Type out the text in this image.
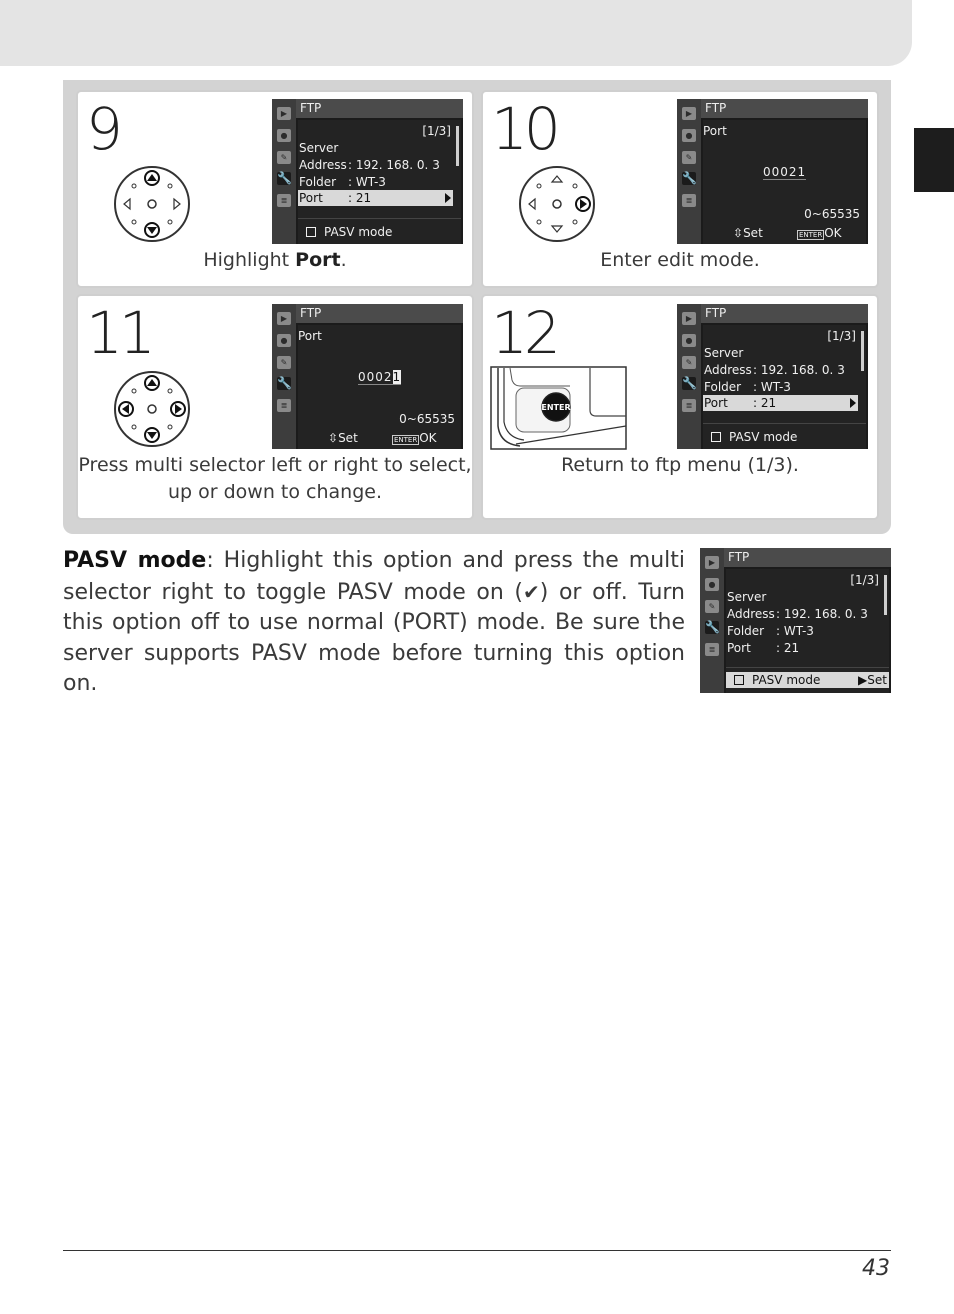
9	▶
●
✎
🔧
≣
FTP
[1/3]
Server
Address : 192. 168. 0. 3
Folder : WT-3
Port : 21
PASV mode
Highlight Port.
10	▶
●
✎
🔧
≣
FTP
Port
00021
0~65535
⇳Set	ENTER OK
Enter edit mode.
11	▶
●
✎
🔧
≣
FTP
Port
00021
0~65535
⇳Set	ENTER OK
Press multi selector left or right to select,
up or down to change.
12
ENTER
▶
●
✎
🔧
≣
FTP
[1/3]
Server
Address : 192. 168. 0. 3
Folder : WT-3
Port : 21
PASV mode
Return to ftp menu (1/3).
PASV mode: Highlight this option and press the multi selector right to toggle PASV mode on (✔) or off. Turn this option off to use normal (PORT) mode. Be sure the server supports PASV mode before turning this option on.
▶
●
✎
🔧
≣
FTP
[1/3]
Server
Address : 192. 168. 0. 3
Folder : WT-3
Port : 21
PASV mode	▶Set
43
